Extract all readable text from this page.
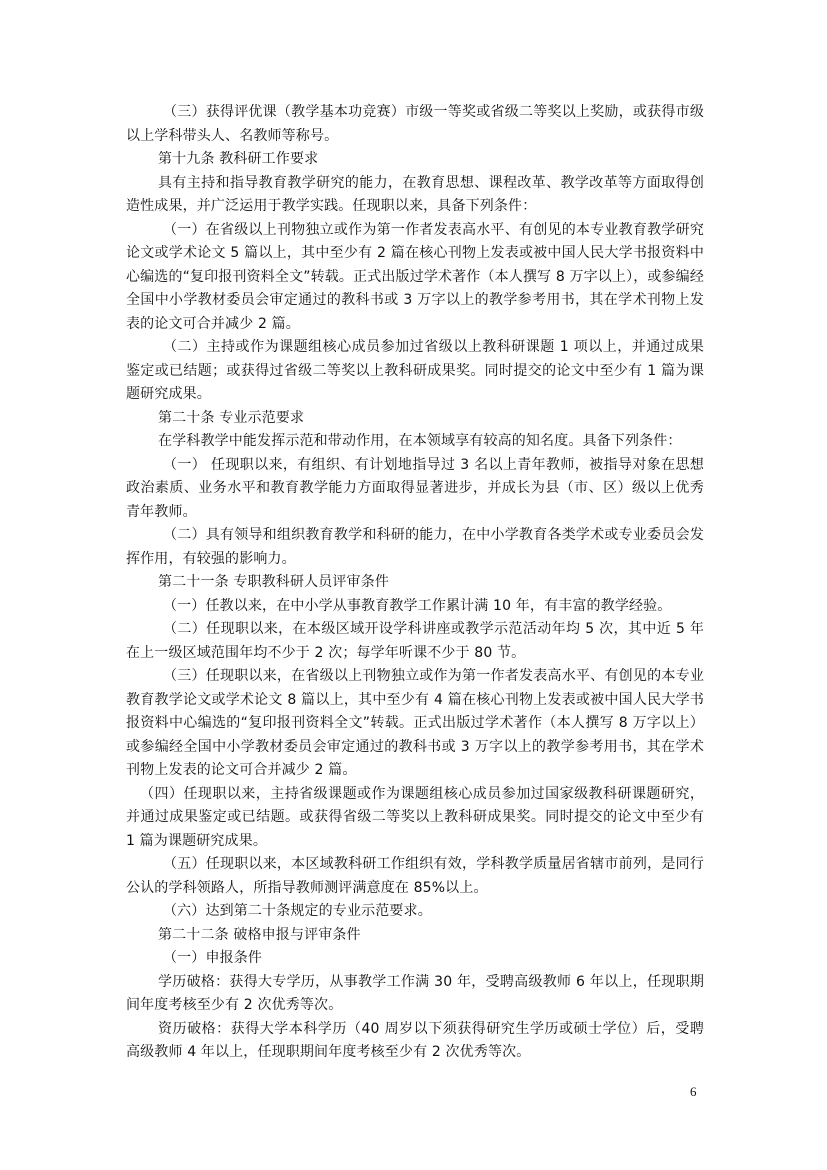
（三）获得评优课（教学基本功竞赛）市级一等奖或省级二等奖以上奖励，或获得市级以上学科带头人、名教师等称号。

第十九条 教科研工作要求

具有主持和指导教育教学研究的能力，在教育思想、课程改革、教学改革等方面取得创造性成果，并广泛运用于教学实践。任现职以来，具备下列条件：

（一）在省级以上刊物独立或作为第一作者发表高水平、有创见的本专业教育教学研究论文或学术论文 5 篇以上，其中至少有 2 篇在核心刊物上发表或被中国人民大学书报资料中心编选的“复印报刊资料全文”转载。正式出版过学术著作（本人撰写 8 万字以上），或参编经全国中小学教材委员会审定通过的教科书或 3 万字以上的教学参考用书，其在学术刊物上发表的论文可合并减少 2 篇。

（二）主持或作为课题组核心成员参加过省级以上教科研课题 1 项以上，并通过成果鉴定或已结题；或获得过省级二等奖以上教科研成果奖。同时提交的论文中至少有 1 篇为课题研究成果。

第二十条 专业示范要求

在学科教学中能发挥示范和带动作用，在本领域享有较高的知名度。具备下列条件：

（一） 任现职以来，有组织、有计划地指导过 3 名以上青年教师，被指导对象在思想政治素质、业务水平和教育教学能力方面取得显著进步，并成长为县（市、区）级以上优秀青年教师。

（二）具有领导和组织教育教学和科研的能力，在中小学教育各类学术或专业委员会发挥作用，有较强的影响力。

第二十一条 专职教科研人员评审条件

（一）任教以来，在中小学从事教育教学工作累计满 10 年，有丰富的教学经验。

（二）任现职以来，在本级区域开设学科讲座或教学示范活动年均 5 次，其中近 5 年在上一级区域范围年均不少于 2 次；每学年听课不少于 80 节。

（三）任现职以来，在省级以上刊物独立或作为第一作者发表高水平、有创见的本专业教育教学论文或学术论文 8 篇以上，其中至少有 4 篇在核心刊物上发表或被中国人民大学书报资料中心编选的“复印报刊资料全文”转载。正式出版过学术著作（本人撰写 8 万字以上）或参编经全国中小学教材委员会审定通过的教科书或 3 万字以上的教学参考用书，其在学术刊物上发表的论文可合并减少 2 篇。

（四）任现职以来，主持省级课题或作为课题组核心成员参加过国家级教科研课题研究，并通过成果鉴定或已结题。或获得省级二等奖以上教科研成果奖。同时提交的论文中至少有 1 篇为课题研究成果。

（五）任现职以来，本区域教科研工作组织有效，学科教学质量居省辖市前列，是同行公认的学科领路人，所指导教师测评满意度在 85%以上。

（六）达到第二十条规定的专业示范要求。

第二十二条 破格申报与评审条件

（一）申报条件

学历破格：获得大专学历，从事教学工作满 30 年，受聘高级教师 6 年以上，任现职期间年度考核至少有 2 次优秀等次。

资历破格：获得大学本科学历（40 周岁以下须获得研究生学历或硕士学位）后，受聘高级教师 4 年以上，任现职期间年度考核至少有 2 次优秀等次。

6
